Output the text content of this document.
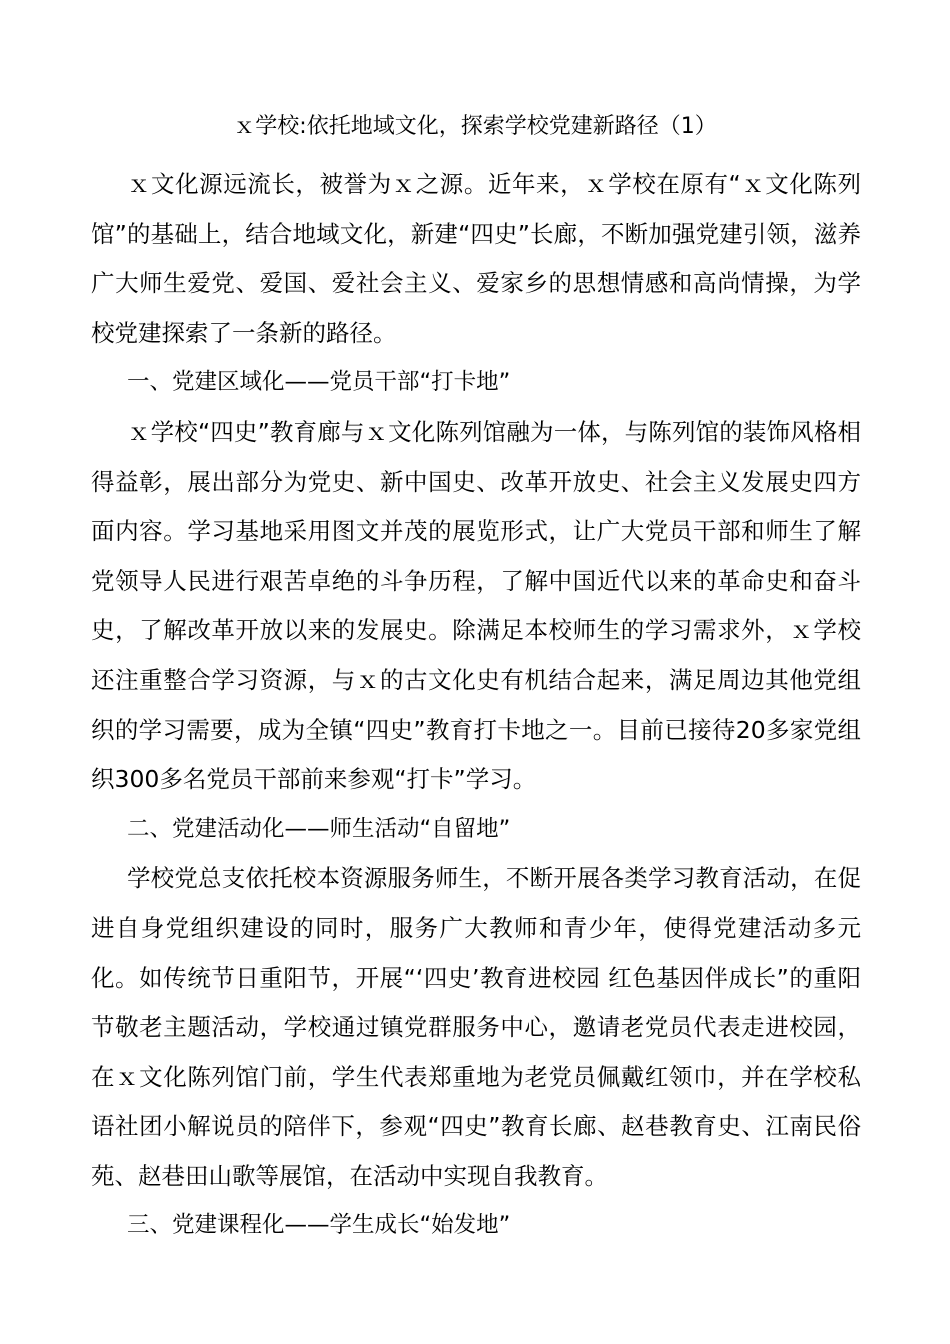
ｘ学校:依托地域文化，探索学校党建新路径（1）

ｘ文化源远流长，被誉为ｘ之源。近年来，ｘ学校在原有“ｘ文化陈列馆”的基础上，结合地域文化，新建“四史”长廊，不断加强党建引领，滋养广大师生爱党、爱国、爱社会主义、爱家乡的思想情感和高尚情操，为学校党建探索了一条新的路径。

一、党建区域化——党员干部“打卡地”

ｘ学校“四史”教育廊与ｘ文化陈列馆融为一体，与陈列馆的装饰风格相得益彰，展出部分为党史、新中国史、改革开放史、社会主义发展史四方面内容。学习基地采用图文并茂的展览形式，让广大党员干部和师生了解党领导人民进行艰苦卓绝的斗争历程，了解中国近代以来的革命史和奋斗史，了解改革开放以来的发展史。除满足本校师生的学习需求外，ｘ学校还注重整合学习资源，与ｘ的古文化史有机结合起来，满足周边其他党组织的学习需要，成为全镇“四史”教育打卡地之一。目前已接待20多家党组织300多名党员干部前来参观“打卡”学习。

二、党建活动化——师生活动“自留地”

学校党总支依托校本资源服务师生，不断开展各类学习教育活动，在促进自身党组织建设的同时，服务广大教师和青少年，使得党建活动多元化。如传统节日重阳节，开展“‘四史’教育进校园 红色基因伴成长”的重阳节敬老主题活动，学校通过镇党群服务中心，邀请老党员代表走进校园，在ｘ文化陈列馆门前，学生代表郑重地为老党员佩戴红领巾，并在学校私语社团小解说员的陪伴下，参观“四史”教育长廊、赵巷教育史、江南民俗苑、赵巷田山歌等展馆，在活动中实现自我教育。

三、党建课程化——学生成长“始发地”
